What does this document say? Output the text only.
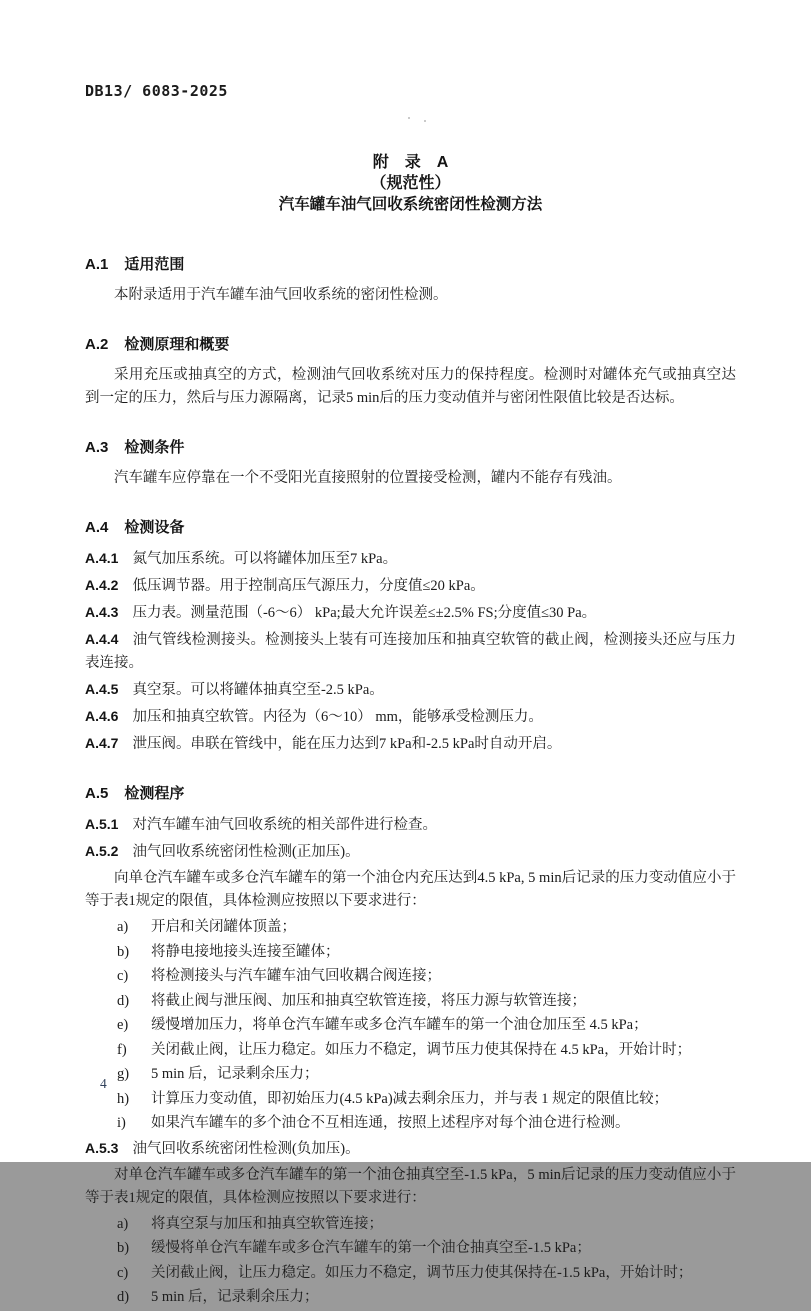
DB13/ 6083-2025
附　录　A
（规范性）
汽车罐车油气回收系统密闭性检测方法
A.1 适用范围

本附录适用于汽车罐车油气回收系统的密闭性检测。

A.2 检测原理和概要

采用充压或抽真空的方式，检测油气回收系统对压力的保持程度。检测时对罐体充气或抽真空达到一定的压力，然后与压力源隔离，记录5 min后的压力变动值并与密闭性限值比较是否达标。

A.3 检测条件

汽车罐车应停靠在一个不受阳光直接照射的位置接受检测，罐内不能存有残油。

A.4 检测设备

A.4.1 氮气加压系统。可以将罐体加压至7 kPa。

A.4.2 低压调节器。用于控制高压气源压力，分度值≤20 kPa。

A.4.3 压力表。测量范围（-6～6） kPa;最大允许误差≤±2.5% FS;分度值≤30 Pa。

A.4.4 油气管线检测接头。检测接头上装有可连接加压和抽真空软管的截止阀，检测接头还应与压力表连接。

A.4.5 真空泵。可以将罐体抽真空至-2.5 kPa。

A.4.6 加压和抽真空软管。内径为（6～10） mm，能够承受检测压力。

A.4.7 泄压阀。串联在管线中，能在压力达到7 kPa和-2.5 kPa时自动开启。

A.5 检测程序

A.5.1 对汽车罐车油气回收系统的相关部件进行检查。

A.5.2 油气回收系统密闭性检测(正加压)。

向单仓汽车罐车或多仓汽车罐车的第一个油仓内充压达到4.5 kPa, 5 min后记录的压力变动值应小于等于表1规定的限值，具体检测应按照以下要求进行：

a) 开启和关闭罐体顶盖；

b) 将静电接地接头连接至罐体；

c) 将检测接头与汽车罐车油气回收耦合阀连接；

d) 将截止阀与泄压阀、加压和抽真空软管连接，将压力源与软管连接；

e) 缓慢增加压力，将单仓汽车罐车或多仓汽车罐车的第一个油仓加压至 4.5 kPa；

f) 关闭截止阀，让压力稳定。如压力不稳定，调节压力使其保持在 4.5 kPa，开始计时；

g) 5 min 后，记录剩余压力；

h) 计算压力变动值，即初始压力(4.5 kPa)减去剩余压力，并与表 1 规定的限值比较；

i) 如果汽车罐车的多个油仓不互相连通，按照上述程序对每个油仓进行检测。

A.5.3 油气回收系统密闭性检测(负加压)。

对单仓汽车罐车或多仓汽车罐车的第一个油仓抽真空至-1.5 kPa，5 min后记录的压力变动值应小于等于表1规定的限值，具体检测应按照以下要求进行：

a) 将真空泵与加压和抽真空软管连接；

b) 缓慢将单仓汽车罐车或多仓汽车罐车的第一个油仓抽真空至-1.5 kPa；

c) 关闭截止阀，让压力稳定。如压力不稳定，调节压力使其保持在-1.5 kPa，开始计时；

d) 5 min 后，记录剩余压力；

4
